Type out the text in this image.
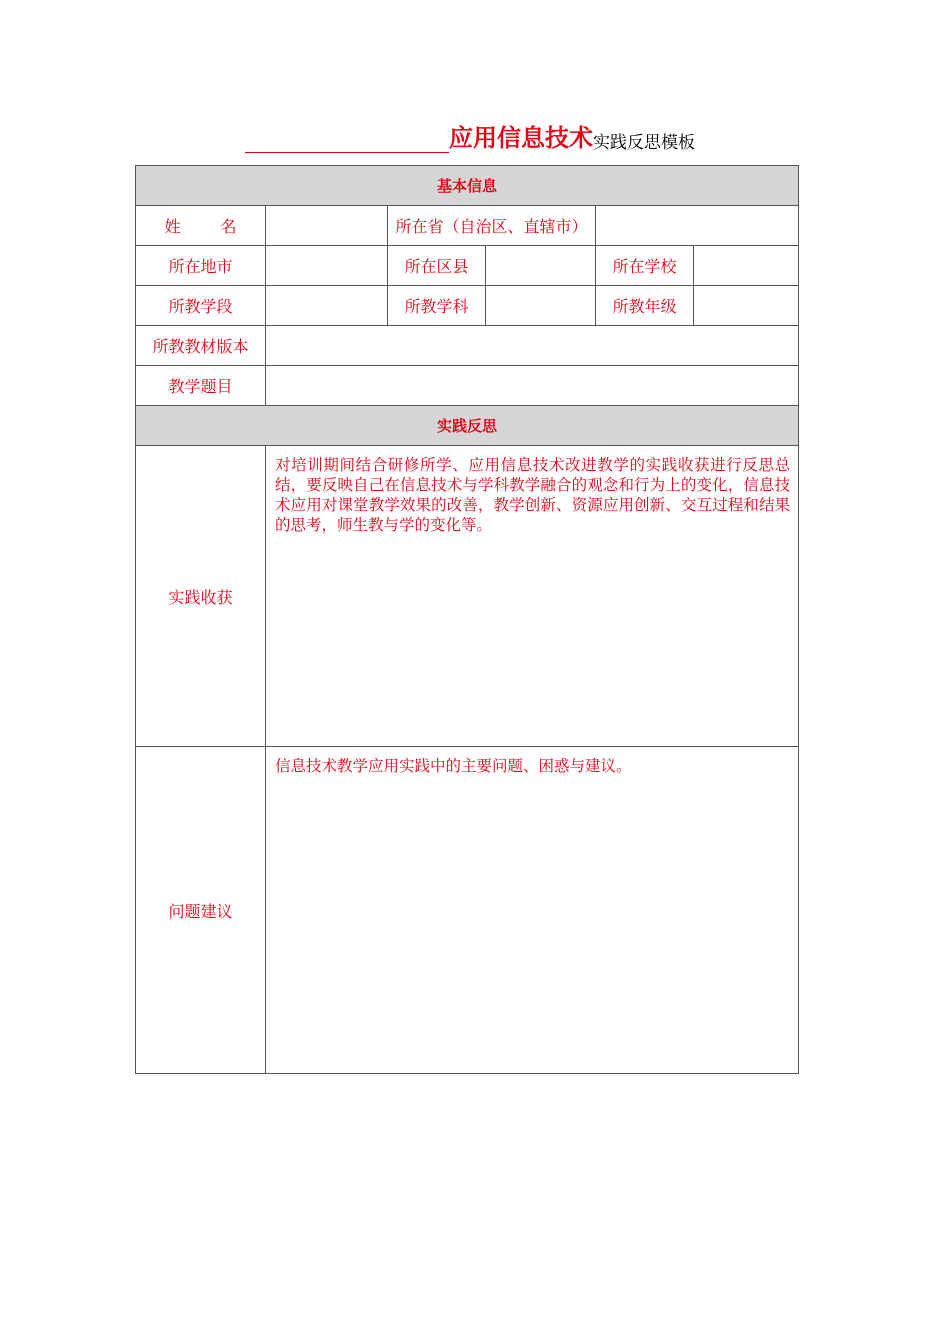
应用信息技术实践反思模板
基本信息					
姓 名		所在省（自治区、直辖市）			
所在地市		所在区县		所在学校	
所教学段		所教学科		所教年级	
所教教材版本					
教学题目					
实践反思					
实践收获	对培训期间结合研修所学、应用信息技术改进教学的实践收获进行反思总结，要反映自己在信息技术与学科教学融合的观念和行为上的变化，信息技术应用对课堂教学效果的改善，教学创新、资源应用创新、交互过程和结果的思考，师生教与学的变化等。				

问题建议	信息技术教学应用实践中的主要问题、困惑与建议。				
